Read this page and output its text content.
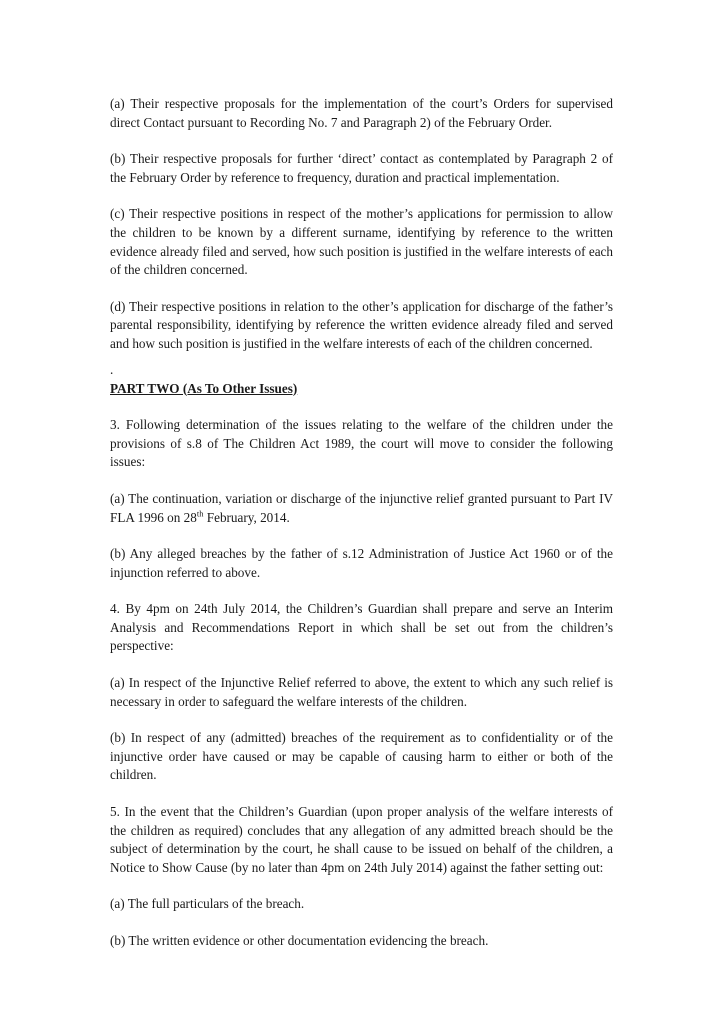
(a) Their respective proposals for the implementation of the court’s Orders for supervised direct Contact pursuant to Recording No. 7 and Paragraph 2) of the February Order.

(b) Their respective proposals for further ‘direct’ contact as contemplated by Paragraph 2 of the February Order by reference to frequency, duration and practical implementation.

(c) Their respective positions in respect of the mother’s applications for permission to allow the children to be known by a different surname, identifying by reference to the written evidence already filed and served, how such position is justified in the welfare interests of each of the children concerned.

(d) Their respective positions in relation to the other’s application for discharge of the father’s parental responsibility, identifying by reference the written evidence already filed and served and how such position is justified in the welfare interests of each of the children concerned.

.

PART TWO (As To Other Issues)

3. Following determination of the issues relating to the welfare of the children under the provisions of s.8 of The Children Act 1989, the court will move to consider the following issues:

(a) The continuation, variation or discharge of the injunctive relief granted pursuant to Part IV FLA 1996 on 28th February, 2014.

(b) Any alleged breaches by the father of s.12 Administration of Justice Act 1960 or of the injunction referred to above.

4. By 4pm on 24th July 2014, the Children’s Guardian shall prepare and serve an Interim Analysis and Recommendations Report in which shall be set out from the children’s perspective:

(a) In respect of the Injunctive Relief referred to above, the extent to which any such relief is necessary in order to safeguard the welfare interests of the children.

(b) In respect of any (admitted) breaches of the requirement as to confidentiality or of the injunctive order have caused or may be capable of causing harm to either or both of the children.

5. In the event that the Children’s Guardian (upon proper analysis of the welfare interests of the children as required) concludes that any allegation of any admitted breach should be the subject of determination by the court, he shall cause to be issued on behalf of the children, a Notice to Show Cause (by no later than 4pm on 24th July 2014) against the father setting out:

(a) The full particulars of the breach.

(b) The written evidence or other documentation evidencing the breach.
